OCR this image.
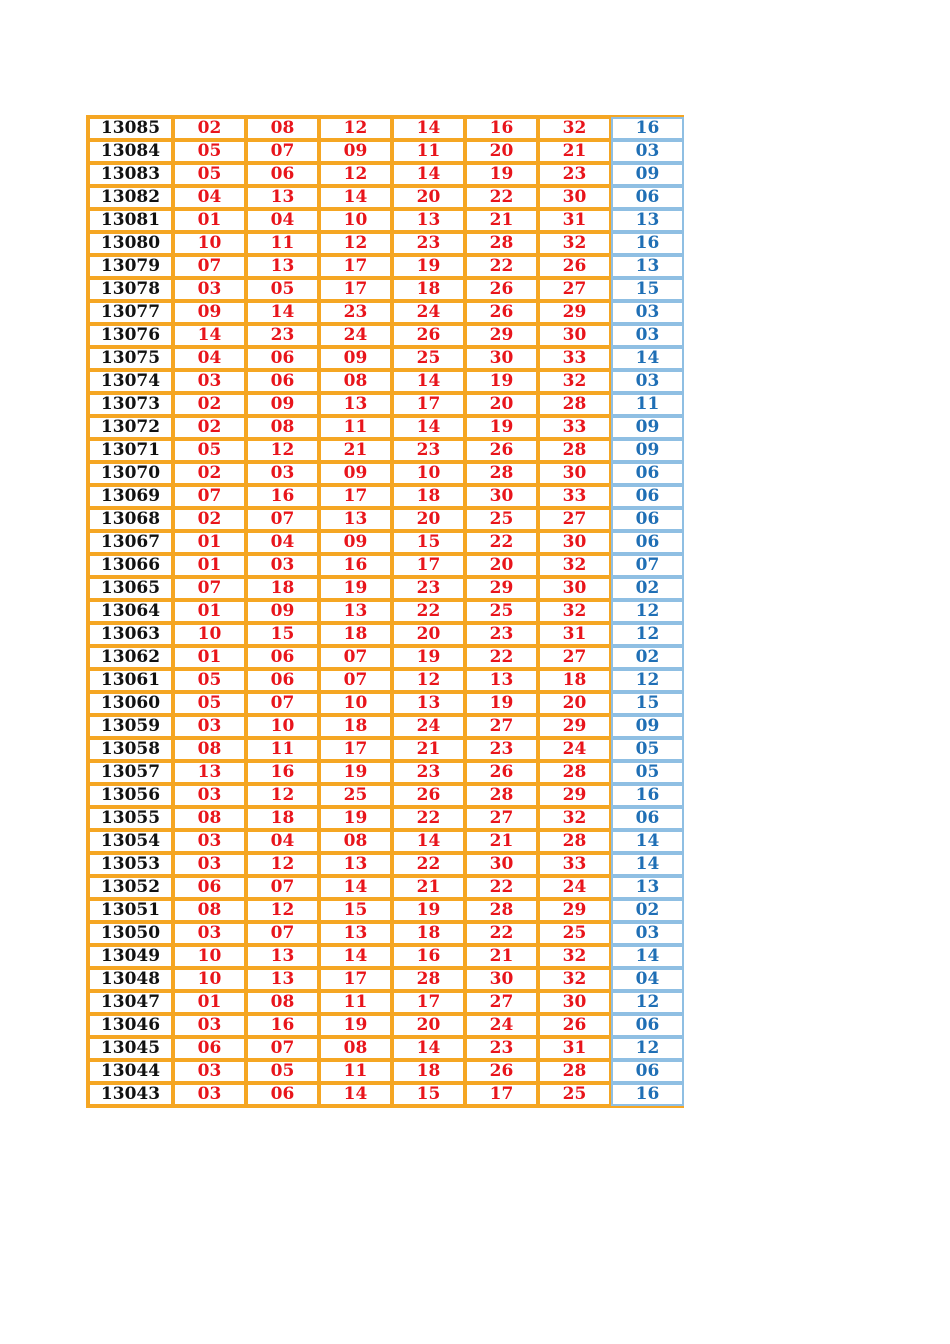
13085	02	08	12	14	16	32	16
13084	05	07	09	11	20	21	03
13083	05	06	12	14	19	23	09
13082	04	13	14	20	22	30	06
13081	01	04	10	13	21	31	13
13080	10	11	12	23	28	32	16
13079	07	13	17	19	22	26	13
13078	03	05	17	18	26	27	15
13077	09	14	23	24	26	29	03
13076	14	23	24	26	29	30	03
13075	04	06	09	25	30	33	14
13074	03	06	08	14	19	32	03
13073	02	09	13	17	20	28	11
13072	02	08	11	14	19	33	09
13071	05	12	21	23	26	28	09
13070	02	03	09	10	28	30	06
13069	07	16	17	18	30	33	06
13068	02	07	13	20	25	27	06
13067	01	04	09	15	22	30	06
13066	01	03	16	17	20	32	07
13065	07	18	19	23	29	30	02
13064	01	09	13	22	25	32	12
13063	10	15	18	20	23	31	12
13062	01	06	07	19	22	27	02
13061	05	06	07	12	13	18	12
13060	05	07	10	13	19	20	15
13059	03	10	18	24	27	29	09
13058	08	11	17	21	23	24	05
13057	13	16	19	23	26	28	05
13056	03	12	25	26	28	29	16
13055	08	18	19	22	27	32	06
13054	03	04	08	14	21	28	14
13053	03	12	13	22	30	33	14
13052	06	07	14	21	22	24	13
13051	08	12	15	19	28	29	02
13050	03	07	13	18	22	25	03
13049	10	13	14	16	21	32	14
13048	10	13	17	28	30	32	04
13047	01	08	11	17	27	30	12
13046	03	16	19	20	24	26	06
13045	06	07	08	14	23	31	12
13044	03	05	11	18	26	28	06
13043	03	06	14	15	17	25	16
